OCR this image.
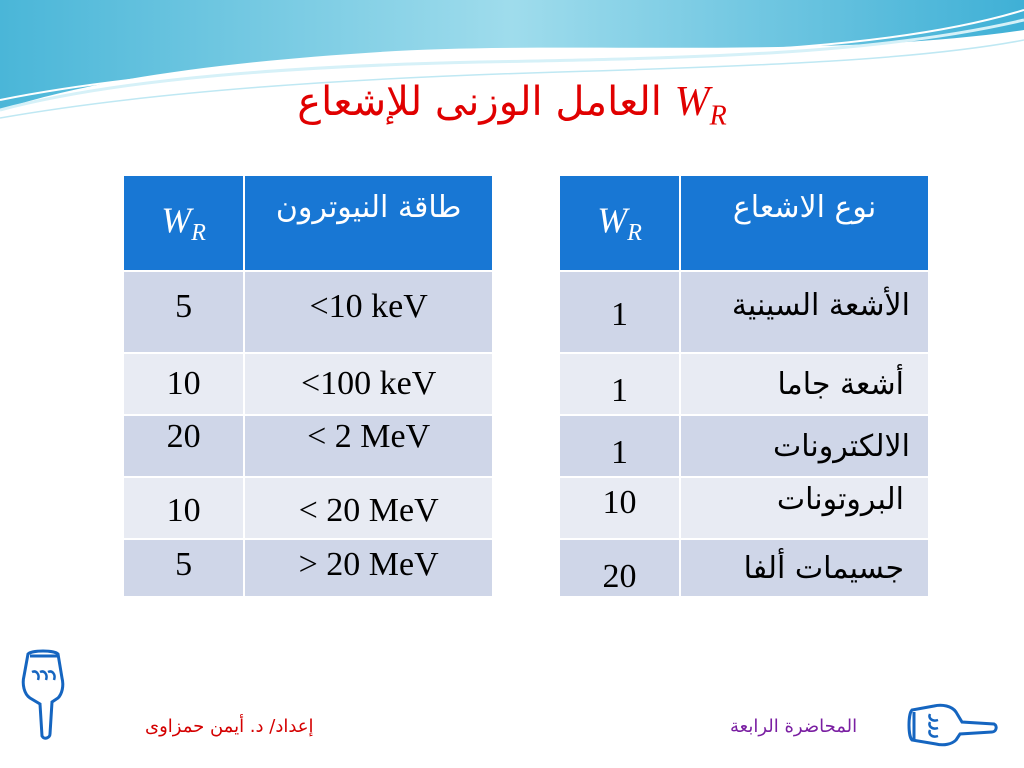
العامل الوزنى للإشعاع $W_R$
$W_R$	طاقة النيوترون
5	<10 keV
10	<100 keV
20	< 2 MeV
10	< 20 MeV
5	> 20 MeV
$W_R$	نوع الاشعاع
1	الأشعة السينية
1	أشعة جاما
1	الالكترونات
10	البروتونات
20	جسيمات ألفا
إعداد/ د. أيمن حمزاوى	المحاضرة الرابعة
